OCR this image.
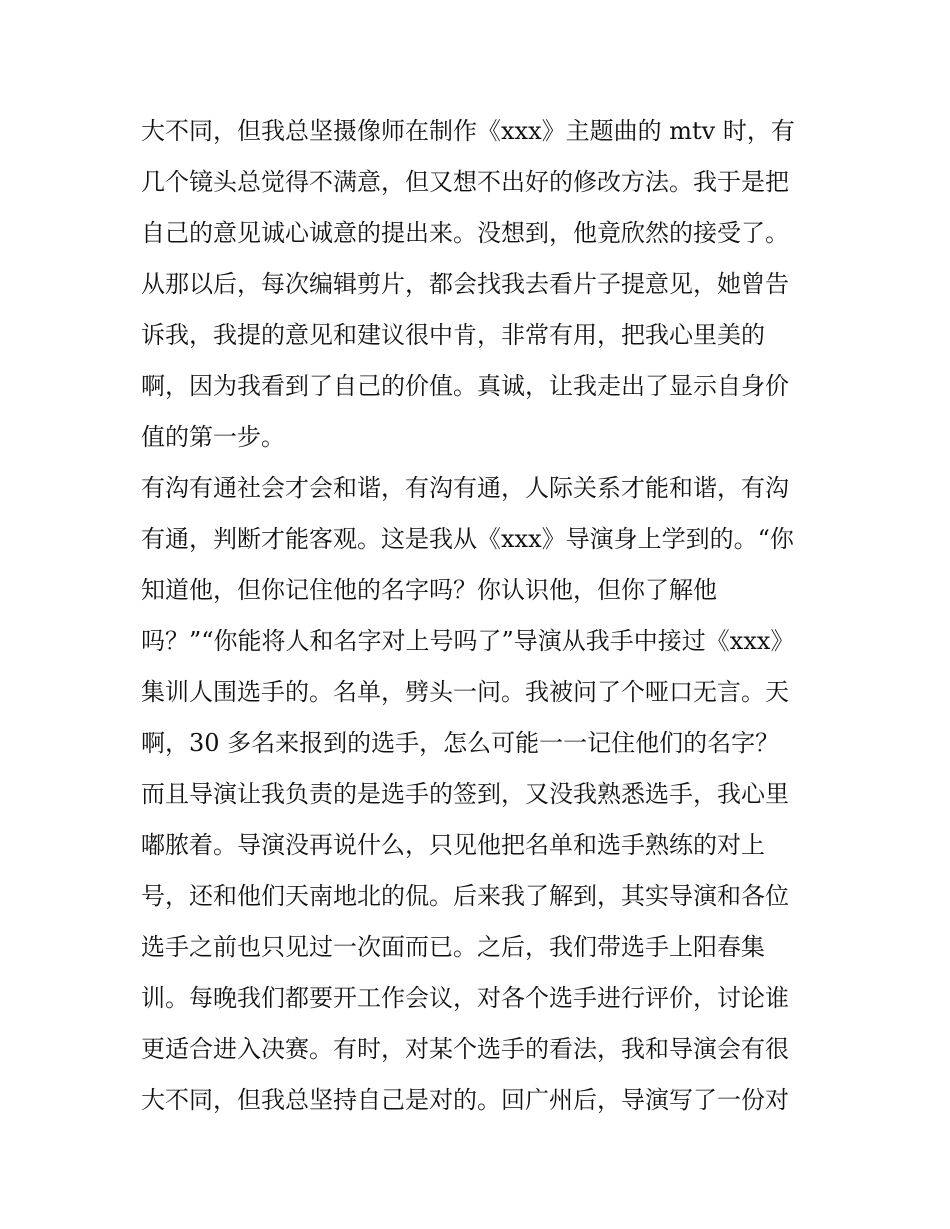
大不同，但我总坚摄像师在制作《xxx》主题曲的 mtv 时，有
几个镜头总觉得不满意，但又想不出好的修改方法。我于是把
自己的意见诚心诚意的提出来。没想到，他竟欣然的接受了。
从那以后，每次编辑剪片，都会找我去看片子提意见，她曾告
诉我，我提的意见和建议很中肯，非常有用，把我心里美的
啊，因为我看到了自己的价值。真诚，让我走出了显示自身价
值的第一步。
有沟有通社会才会和谐，有沟有通，人际关系才能和谐，有沟
有通，判断才能客观。这是我从《xxx》导演身上学到的。“你
知道他，但你记住他的名字吗？你认识他，但你了解他
吗？”“你能将人和名字对上号吗了”导演从我手中接过《xxx》
集训人围选手的。名单，劈头一问。我被问了个哑口无言。天
啊，30 多名来报到的选手，怎么可能一一记住他们的名字？
而且导演让我负责的是选手的签到，又没我熟悉选手，我心里
嘟脓着。导演没再说什么，只见他把名单和选手熟练的对上
号，还和他们天南地北的侃。后来我了解到，其实导演和各位
选手之前也只见过一次面而已。之后，我们带选手上阳春集
训。每晚我们都要开工作会议，对各个选手进行评价，讨论谁
更适合进入决赛。有时，对某个选手的看法，我和导演会有很
大不同，但我总坚持自己是对的。回广州后，导演写了一份对
